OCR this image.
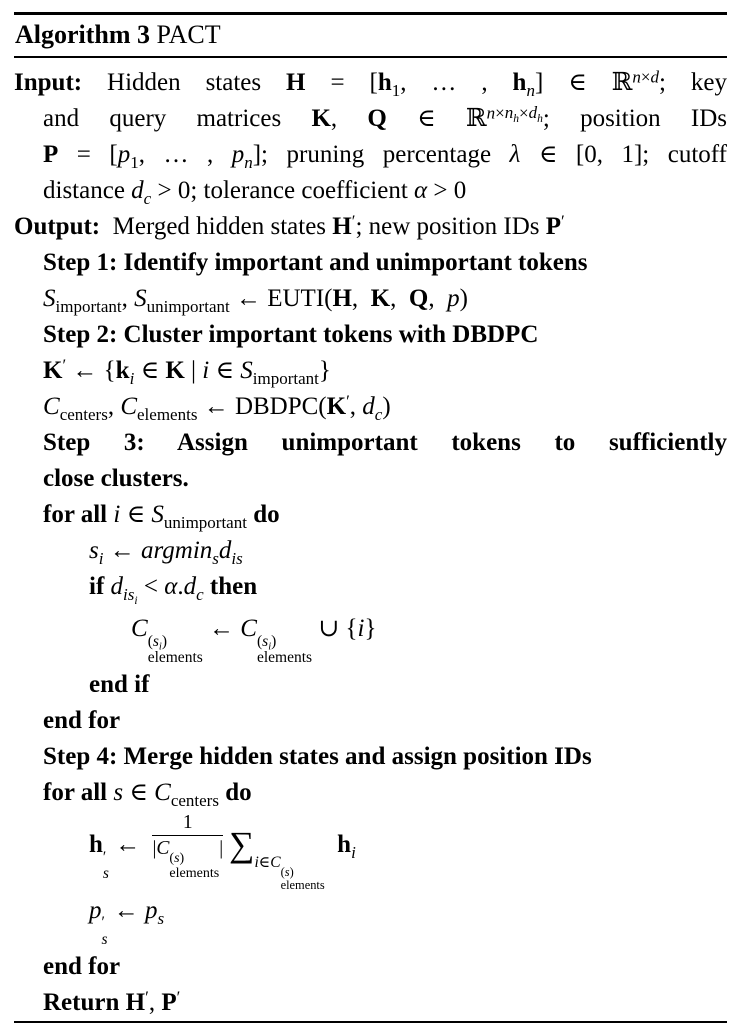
Algorithm 3 PACT
Input: Hidden states $H = [h_1$, … , $h_n$] ∈ ℝ$^{n\times d}$; key
and query matrices K, Q ∈ ℝ$^{n\times n_h\times d_h}$; position IDs
$P = [p_1$, … , $p_n$]; pruning percentage λ ∈ [0, 1]; cutoff
distance $d_c > 0$; tolerance coefficient α > 0
Output:  Merged hidden states H′; new position IDs P′
Step 1: Identify important and unimportant tokens
$S_{important}$, $S_{unimportant}$ ← EUTI(H,  K,  Q,  p)
Step 2: Cluster important tokens with DBDPC
K′ ← {$k_i$ ∈ K | i ∈ $S_{important}$}
$C_{centers}$, $C_{elements}$ ← DBDPC(K′, $d_c$)
Step 3: Assign unimportant tokens to sufficiently
close clusters.
for all i ∈ $S_{unimportant}$ do
$s_i$ ← $argmin_sd_{is}$
if $d_{is_i} < \alpha.d_c$ then
C $(s_i)$
elements
← C $(s_i)$
elements
∪ {i}
end if
end for
Step 4: Merge hidden states and assign position IDs
for all s ∈ $C_{centers}$ do
h ′
s
← 1
|C (s)
elements
| ∑i∈C
(s)
elements
$h_i$
p ′
s
← $p_s$
end for
Return H′, P′
